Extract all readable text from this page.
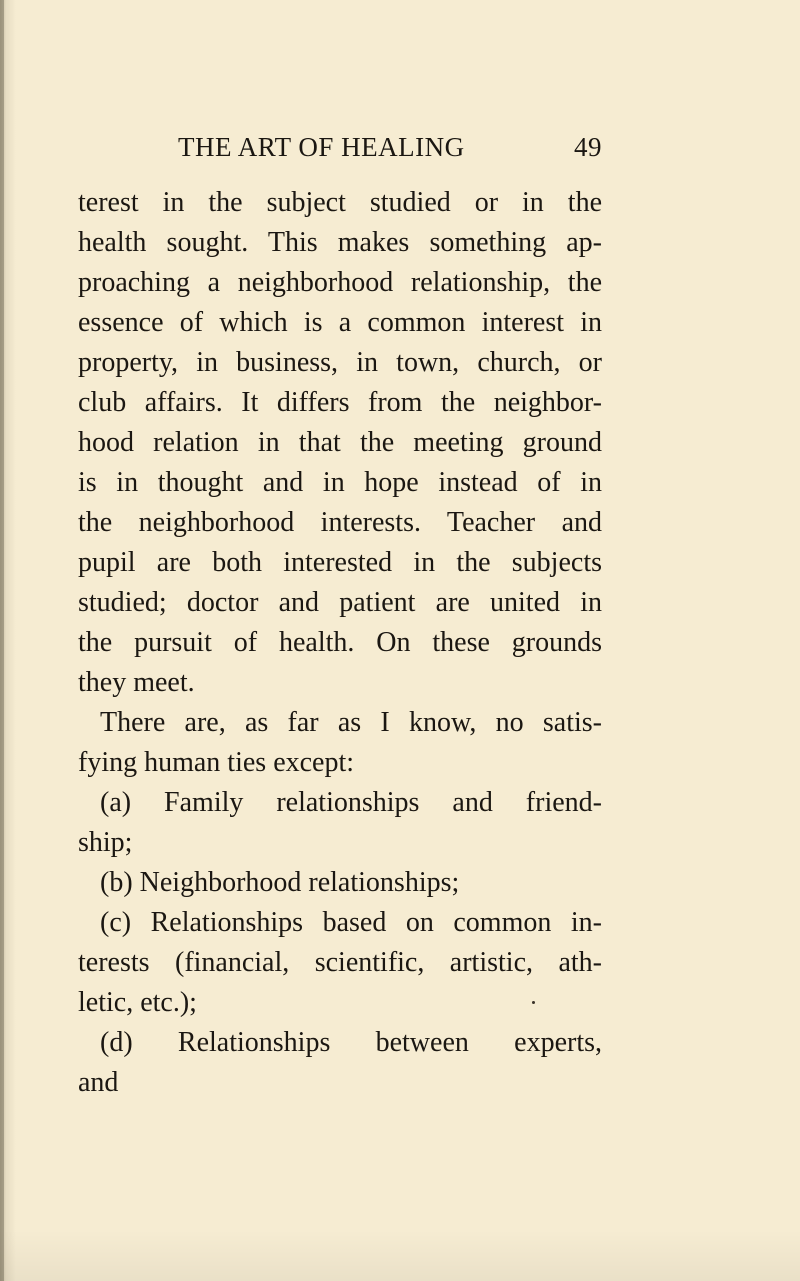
THE ART OF HEALING	49
terest in the subject studied or in the
health sought. This makes something ap-
proaching a neighborhood relationship, the
essence of which is a common interest in
property, in business, in town, church, or
club affairs. It differs from the neighbor-
hood relation in that the meeting ground
is in thought and in hope instead of in
the neighborhood interests. Teacher and
pupil are both interested in the subjects
studied; doctor and patient are united in
the pursuit of health. On these grounds
they meet.
There are, as far as I know, no satis-
fying human ties except:
(a) Family relationships and friend-
ship;
(b) Neighborhood relationships;
(c) Relationships based on common in-
terests (financial, scientific, artistic, ath-
letic, etc.);
(d) Relationships between experts,
and
